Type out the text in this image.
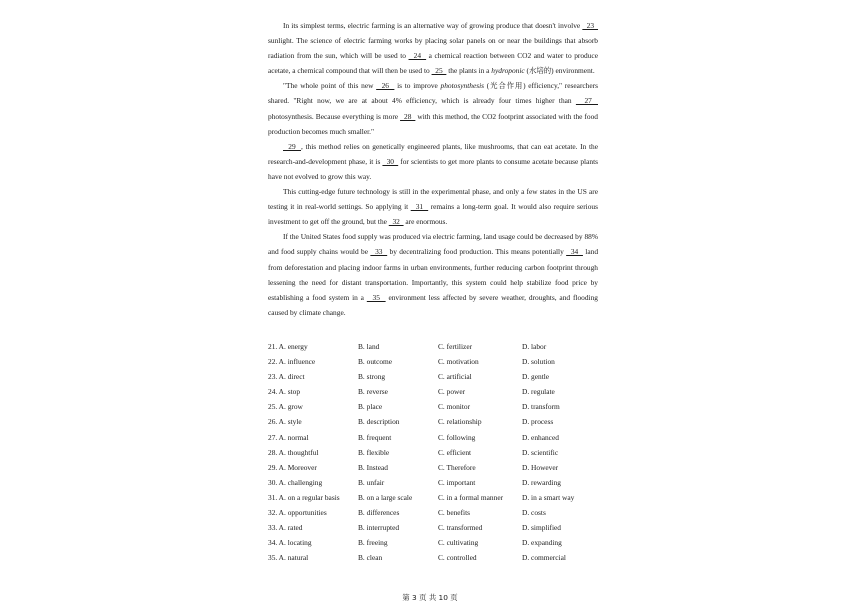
In its simplest terms, electric farming is an alternative way of growing produce that doesn't involve   23   sunlight. The science of electric farming works by placing solar panels on or near the buildings that absorb radiation from the sun, which will be used to   24   a chemical reaction between CO2 and water to produce acetate, a chemical compound that will then be used to   25   the plants in a hydroponic (水培的) environment.

"The whole point of this new   26   is to improve photosynthesis (光合作用) efficiency," researchers shared. "Right now, we are at about 4% efficiency, which is already four times higher than   27   photosynthesis. Because everything is more   28   with this method, the CO2 footprint associated with the food production becomes much smaller."

29  , this method relies on genetically engineered plants, like mushrooms, that can eat acetate. In the research-and-development phase, it is   30   for scientists to get more plants to consume acetate because plants have not evolved to grow this way.

This cutting-edge future technology is still in the experimental phase, and only a few states in the US are testing it in real-world settings. So applying it   31   remains a long-term goal. It would also require serious investment to get off the ground, but the   32   are enormous.

If the United States food supply was produced via electric farming, land usage could be decreased by 88% and food supply chains would be   33   by decentralizing food production. This means potentially   34   land from deforestation and placing indoor farms in urban environments, further reducing carbon footprint through lessening the need for distant transportation. Importantly, this system could help stabilize food price by establishing a food system in a   35   environment less affected by severe weather, droughts, and flooding caused by climate change.

21. A. energy	B. land	C. fertilizer	D. labor
22. A. influence	B. outcome	C. motivation	D. solution
23. A. direct	B. strong	C. artificial	D. gentle
24. A. stop	B. reverse	C. power	D. regulate
25. A. grow	B. place	C. monitor	D. transform
26. A. style	B. description	C. relationship	D. process
27. A. normal	B. frequent	C. following	D. enhanced
28. A. thoughtful	B. flexible	C. efficient	D. scientific
29. A. Moreover	B. Instead	C. Therefore	D. However
30. A. challenging	B. unfair	C. important	D. rewarding
31. A. on a regular basis B. on a large scale	C. in a formal manner	D. in a smart way
32. A. opportunities	B. differences	C. benefits	D. costs
33. A. rated	B. interrupted	C. transformed	D. simplified
34. A. locating	B. freeing	C. cultivating	D. expanding
35. A. natural	B. clean	C. controlled	D. commercial
第 3 页 共 10 页
